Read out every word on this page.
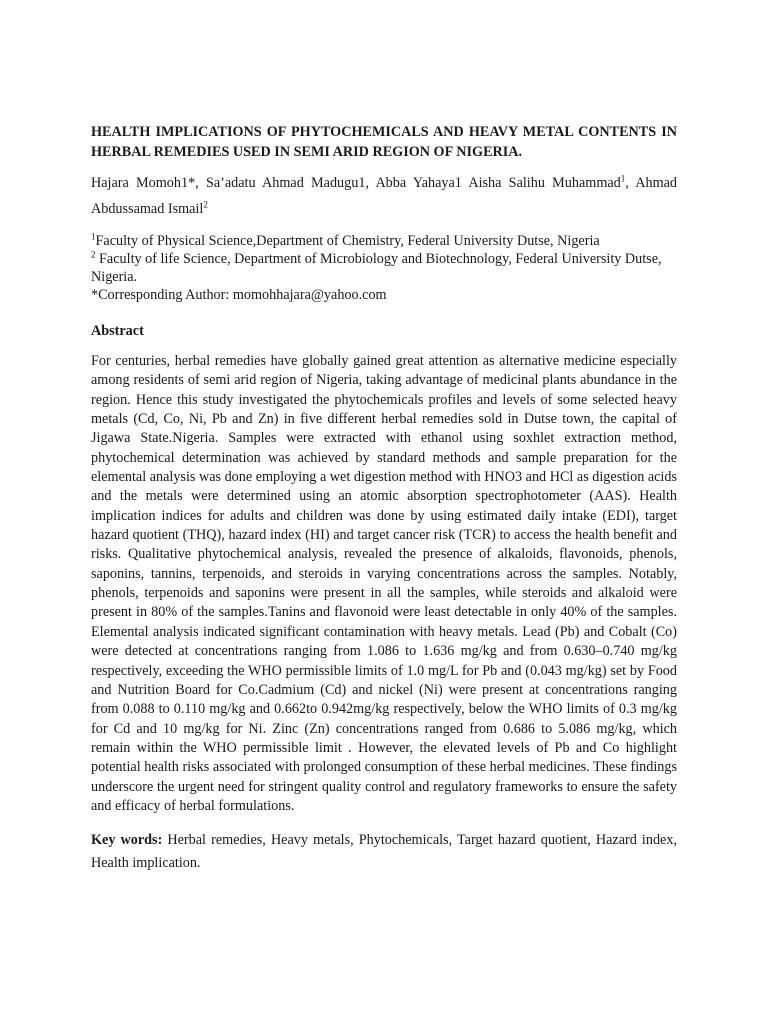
HEALTH IMPLICATIONS OF PHYTOCHEMICALS AND HEAVY METAL CONTENTS IN HERBAL REMEDIES USED IN SEMI ARID REGION OF NIGERIA.
Hajara Momoh1*, Sa’adatu Ahmad Madugu1, Abba Yahaya1 Aisha Salihu Muhammad$^1$, Ahmad Abdussamad Ismail$^2$
$^1$Faculty of Physical Science,Department of Chemistry, Federal University Dutse, Nigeria
$^2$ Faculty of life Science, Department of Microbiology and Biotechnology, Federal University Dutse, Nigeria.
*Corresponding Author: momohhajara@yahoo.com
Abstract

For centuries, herbal remedies have globally gained great attention as alternative medicine especially among residents of semi arid region of Nigeria, taking advantage of medicinal plants abundance in the region. Hence this study investigated the phytochemicals profiles and levels of some selected heavy metals (Cd, Co, Ni, Pb and Zn) in five different herbal remedies sold in Dutse town, the capital of Jigawa State.Nigeria. Samples were extracted with ethanol using soxhlet extraction method, phytochemical determination was achieved by standard methods and sample preparation for the elemental analysis was done employing a wet digestion method with HNO3 and HCl as digestion acids and the metals were determined using an atomic absorption spectrophotometer (AAS). Health implication indices for adults and children was done by using estimated daily intake (EDI), target hazard quotient (THQ), hazard index (HI) and target cancer risk (TCR) to access the health benefit and risks. Qualitative phytochemical analysis, revealed the presence of alkaloids, flavonoids, phenols, saponins, tannins, terpenoids, and steroids in varying concentrations across the samples. Notably, phenols, terpenoids and saponins were present in all the samples, while steroids and alkaloid were present in 80% of the samples.Tanins and flavonoid were least detectable in only 40% of the samples. Elemental analysis indicated significant contamination with heavy metals. Lead (Pb) and Cobalt (Co) were detected at concentrations ranging from 1.086 to 1.636 mg/kg and from 0.630–0.740 mg/kg respectively, exceeding the WHO permissible limits of 1.0 mg/L for Pb and (0.043 mg/kg) set by Food and Nutrition Board for Co.Cadmium (Cd) and nickel (Ni) were present at concentrations ranging from 0.088 to 0.110 mg/kg and 0.662to 0.942mg/kg respectively, below the WHO limits of 0.3 mg/kg for Cd and 10 mg/kg for Ni. Zinc (Zn) concentrations ranged from 0.686 to 5.086 mg/kg, which remain within the WHO permissible limit . However, the elevated levels of Pb and Co highlight potential health risks associated with prolonged consumption of these herbal medicines. These findings underscore the urgent need for stringent quality control and regulatory frameworks to ensure the safety and efficacy of herbal formulations.

Key words: Herbal remedies, Heavy metals, Phytochemicals, Target hazard quotient, Hazard index, Health implication.
